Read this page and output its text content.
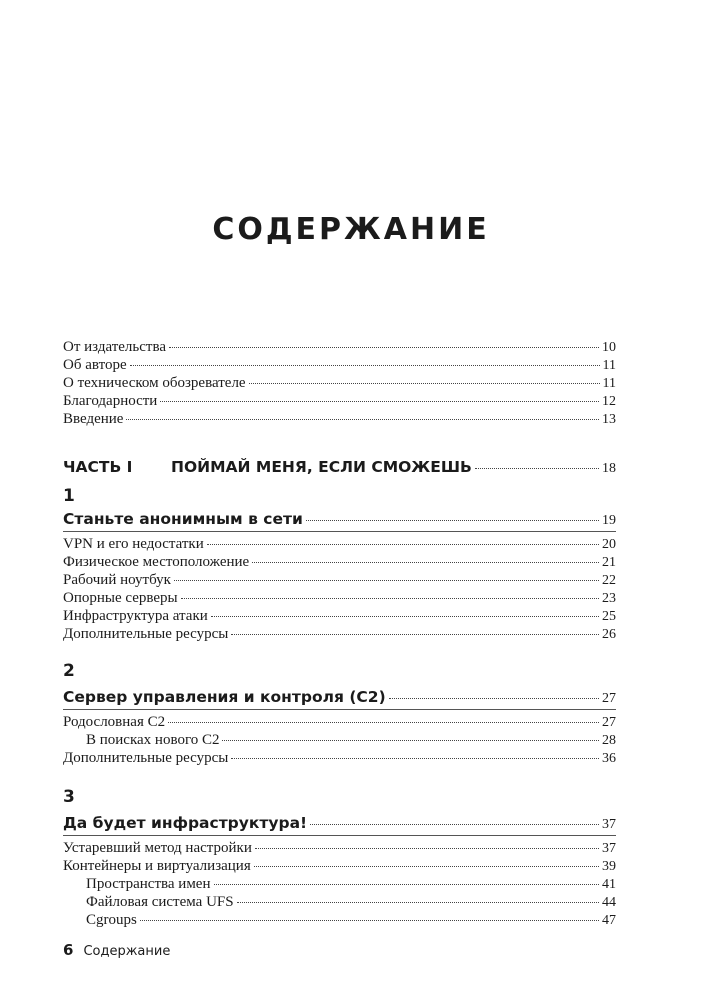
СОДЕРЖАНИЕ
От издательства	10
Об авторе	11
О техническом обозревателе	11
Благодарности	12
Введение	13
ЧАСТЬ I ПОЙМАЙ МЕНЯ, ЕСЛИ СМОЖЕШЬ	18
1
Станьте анонимным в сети	19
VPN и его недостатки	20
Физическое местоположение	21
Рабочий ноутбук	22
Опорные серверы	23
Инфраструктура атаки	25
Дополнительные ресурсы	26
2
Сервер управления и контроля (С2)	27
Родословная С2	27
В поисках нового С2	28
Дополнительные ресурсы	36
3
Да будет инфраструктура!	37
Устаревший метод настройки	37
Контейнеры и виртуализация	39
Пространства имен	41
Файловая система UFS	44
Cgroups	47
6 Содержание
